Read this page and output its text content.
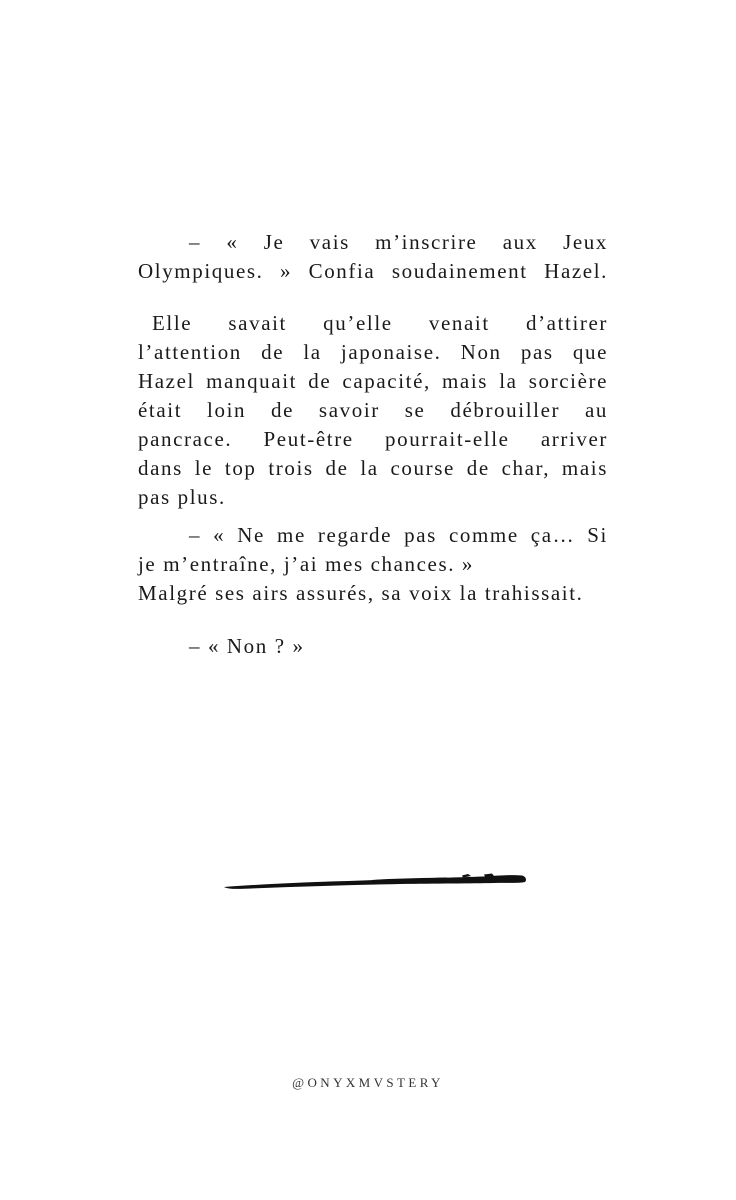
– « Je vais m’inscrire aux Jeux
Olympiques. » Confia soudainement Hazel.
Elle savait qu’elle venait d’attirer
l’attention de la japonaise. Non pas que
Hazel manquait de capacité, mais la sorcière
était loin de savoir se débrouiller au
pancrace. Peut-être pourrait-elle arriver
dans le top trois de la course de char, mais
pas plus.
– « Ne me regarde pas comme ça… Si
je m’entraîne, j’ai mes chances. »
Malgré ses airs assurés, sa voix la trahissait.
– « Non ? »
@ONYXMVSTERY
